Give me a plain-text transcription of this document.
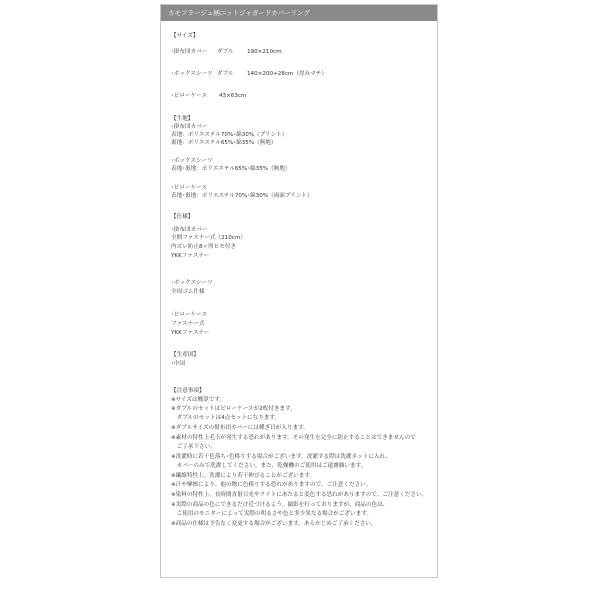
カモフラージュ柄ニットジャガードカバーリング
【サイズ】
･掛布団カバー ダブル 190×210cm
･ボックスシーツ ダブル 140×200+28cm（厚みマチ）
･ピローケース 43×63cm
【生地】
･掛布団カバー
表地：ポリエステル70%･綿30%（プリント）
裏地：ポリエステル65%･綿35%（無地）
･ボックスシーツ
表地･裏地：ポリエステル65%･綿35%（無地）
･ピローケース
表地･裏地：ポリエステル70%･綿30%（両面プリント）
【仕様】
･掛布団カバー
全開ファスナー式（210cm）
内ズレ防止8ヶ所ヒモ付き
YKKファスナー
･ボックスシーツ
全周ゴム仕様
･ピローケース
ファスナー式
YKKファスナー
【生産国】
･中国
【注意事項】
※サイズは概算です。
※ダブルのセットはピローケースが2枚付きます。
　ダブルのセットは4点セットになります。
※ダブルサイズの掛布団カバーには種ぎ目が入ります。
※素材の特性上毛玉が発生する恐れがあります。その発生を完全に防止することはできませんので
　ご了承下さい。
※洗濯時に若干色落ち･色移りする場合がございます。洗濯する際は洗濯ネットに入れ、
　カバーのみで洗濯してください。また、乾燥機のご使用はご遠慮願います。
※繊維特性上、洗濯により若干伸びることがございます。
※汗や摩擦により、他の物に色移りする恐れがありますので、ご注意ください。
※染料の特性上、長時間直射日光やライトにあたると変色する恐れがありますので、ご注意ください。
※実際の商品の色にできるだけ近づけるよう、撮影を行っておりますが、商品の色は、
　ご使用のモニターによって実際の明るさや色と多少異なる場合がございます。
※商品の仕様は予告なく変更する場合がございます。あらかじめご了承ください。
